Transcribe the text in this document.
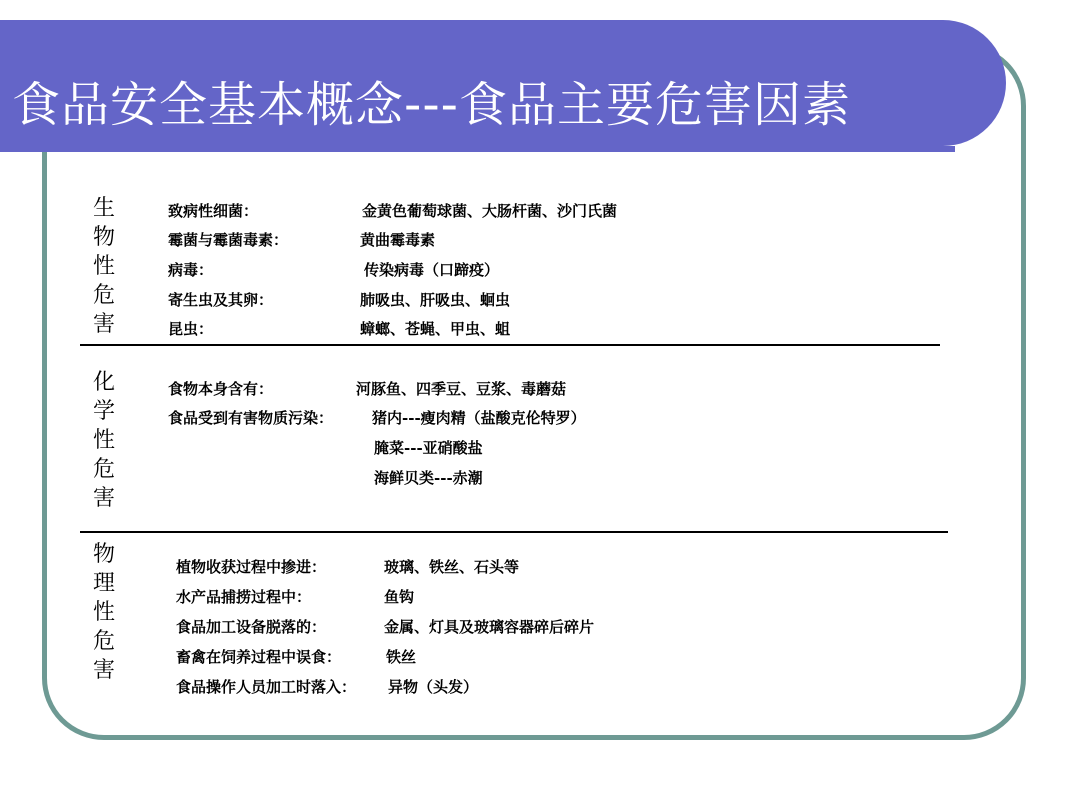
食品安全基本概念---食品主要危害因素
生物性危害
致病性细菌：	金黄色葡萄球菌、大肠杆菌、沙门氏菌
霉菌与霉菌毒素：	黄曲霉毒素
病毒：	传染病毒（口蹄疫）
寄生虫及其卵：	肺吸虫、肝吸虫、蛔虫
昆虫：	蟑螂、苍蝇、甲虫、蛆
化学性危害
食物本身含有：	河豚鱼、四季豆、豆浆、毒蘑菇
食品受到有害物质污染：	猪内---瘦肉精（盐酸克伦特罗）
腌菜---亚硝酸盐
海鲜贝类---赤潮
物理性危害
植物收获过程中掺进：	玻璃、铁丝、石头等
水产品捕捞过程中：	鱼钩
食品加工设备脱落的：	金属、灯具及玻璃容器碎后碎片
畜禽在饲养过程中误食：	铁丝
食品操作人员加工时落入： 异物（头发）
